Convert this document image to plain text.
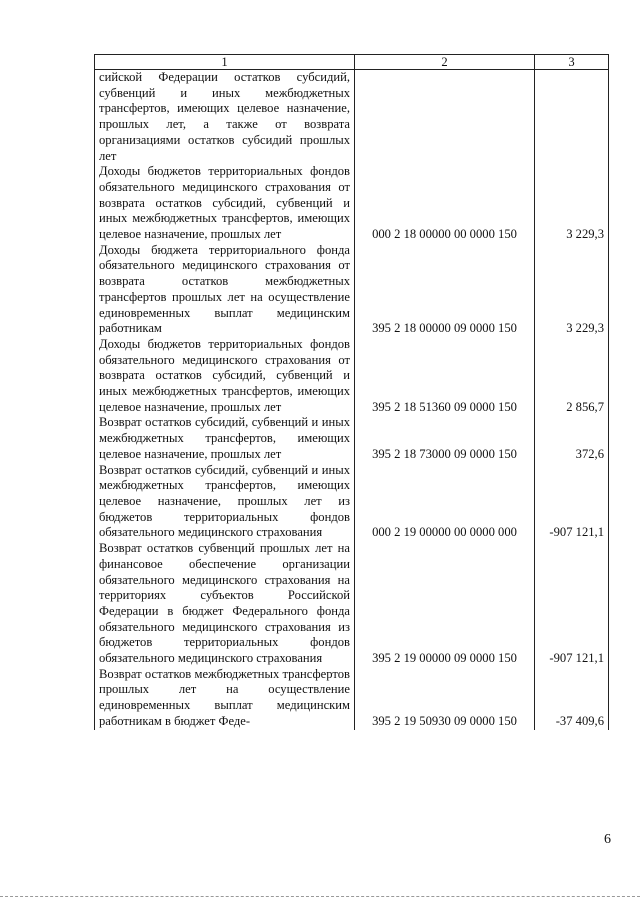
1	2	3
сийской Федерации остатков субсидий, субвенций и иных межбюджетных трансфертов, имеющих целевое назначение, прошлых лет, а также от возврата организациями остатков субсидий прошлых лет		
Доходы бюджетов территориальных фондов обязательного медицинского страхования от возврата остатков субсидий, субвенций и иных межбюджетных трансфертов, имеющих целевое назначение, прошлых лет	000 2 18 00000 00 0000 150	3 229,3
Доходы бюджета территориального фонда обязательного медицинского страхования от возврата остатков межбюджетных трансфертов прошлых лет на осуществление единовременных выплат медицинским работникам	395 2 18 00000 09 0000 150	3 229,3
Доходы бюджетов территориальных фондов обязательного медицинского страхования от возврата остатков субсидий, субвенций и иных межбюджетных трансфертов, имеющих целевое назначение, прошлых лет	395 2 18 51360 09 0000 150	2 856,7
Возврат остатков субсидий, субвенций и иных межбюджетных трансфертов, имеющих целевое назначение, прошлых лет	395 2 18 73000 09 0000 150	372,6
Возврат остатков субсидий, субвенций и иных межбюджетных трансфертов, имеющих целевое назначение, прошлых лет из бюджетов территориальных фондов обязательного медицинского страхования	000 2 19 00000 00 0000 000	-907 121,1
Возврат остатков субвенций прошлых лет на финансовое обеспечение организации обязательного медицинского страхования на территориях субъектов Российской Федерации в бюджет Федерального фонда обязательного медицинского страхования из бюджетов территориальных фондов обязательного медицинского страхования	395 2 19 00000 09 0000 150	-907 121,1
Возврат остатков межбюджетных трансфертов прошлых лет на осуществление единовременных выплат медицинским работникам в бюджет Феде-	395 2 19 50930 09 0000 150	-37 409,6
6
